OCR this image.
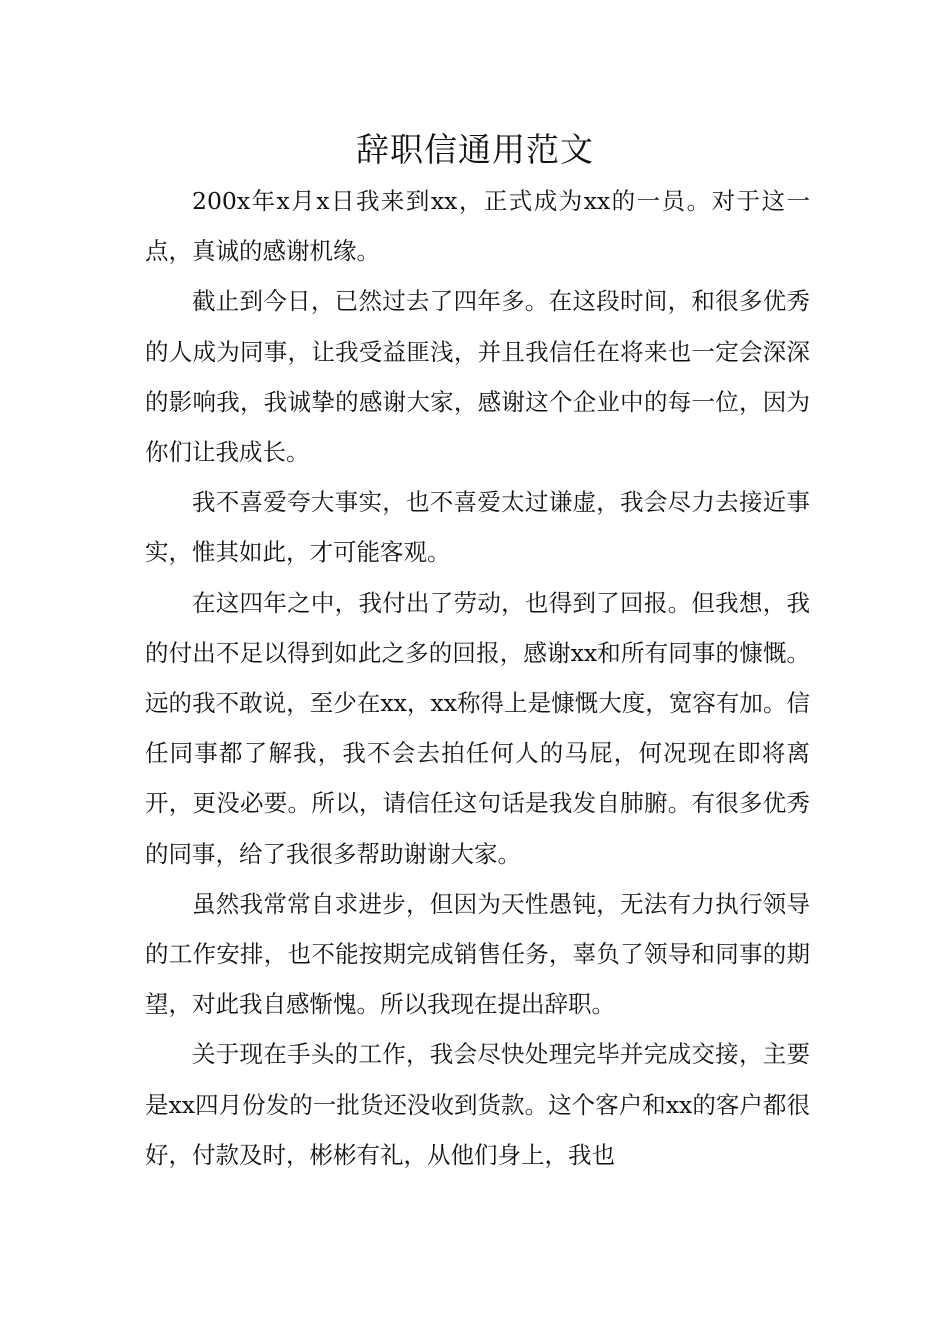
辞职信通用范文

200x年x月x日我来到xx，正式成为xx的一员。对于这一点，真诚的感谢机缘。

截止到今日，已然过去了四年多。在这段时间，和很多优秀的人成为同事，让我受益匪浅，并且我信任在将来也一定会深深的影响我，我诚挚的感谢大家，感谢这个企业中的每一位，因为你们让我成长。

我不喜爱夸大事实，也不喜爱太过谦虚，我会尽力去接近事实，惟其如此，才可能客观。

在这四年之中，我付出了劳动，也得到了回报。但我想，我的付出不足以得到如此之多的回报，感谢xx和所有同事的慷慨。远的我不敢说，至少在xx，xx称得上是慷慨大度，宽容有加。信任同事都了解我，我不会去拍任何人的马屁，何况现在即将离开，更没必要。所以，请信任这句话是我发自肺腑。有很多优秀的同事，给了我很多帮助谢谢大家。

虽然我常常自求进步，但因为天性愚钝，无法有力执行领导的工作安排，也不能按期完成销售任务，辜负了领导和同事的期望，对此我自感惭愧。所以我现在提出辞职。

关于现在手头的工作，我会尽快处理完毕并完成交接，主要是xx四月份发的一批货还没收到货款。这个客户和xx的客户都很好，付款及时，彬彬有礼，从他们身上，我也
